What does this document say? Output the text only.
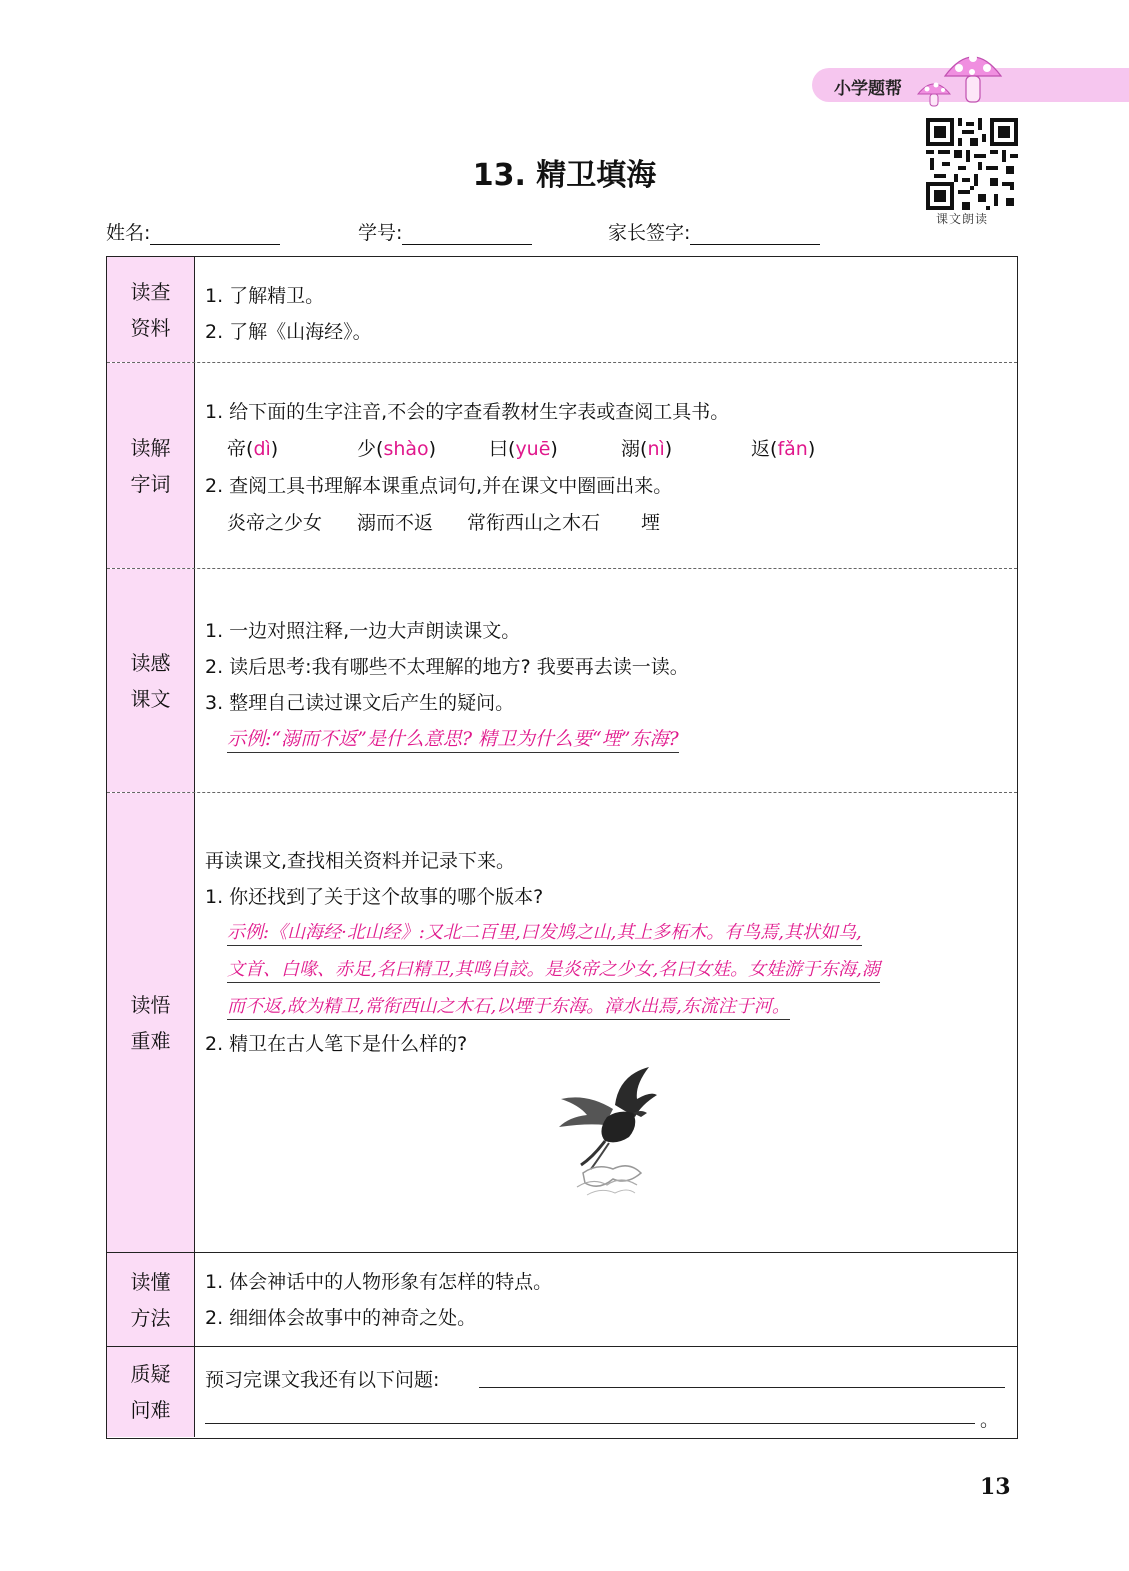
小学题帮
课文朗读
13. 精卫填海
姓名:	学号:	家长签字:
读查
资料
1. 了解精卫。
2. 了解《山海经》。
读解
字词
1. 给下面的生字注音,不会的字查看教材生字表或查阅工具书。
帝(dì)	少(shào)	曰(yuē)	溺(nì)	返(fǎn)
2. 查阅工具书理解本课重点词句,并在课文中圈画出来。
炎帝之少女 溺而不返 常衔西山之木石 堙
读感
课文
1. 一边对照注释,一边大声朗读课文。
2. 读后思考:我有哪些不太理解的地方? 我要再去读一读。
3. 整理自己读过课文后产生的疑问。
示例:“溺而不返”是什么意思? 精卫为什么要“堙”东海?
读悟
重难
再读课文,查找相关资料并记录下来。
1. 你还找到了关于这个故事的哪个版本?
示例:《山海经·北山经》:又北二百里,曰发鸠之山,其上多柘木。有鸟焉,其状如乌,
文首、白喙、赤足,名曰精卫,其鸣自詨。是炎帝之少女,名曰女娃。女娃游于东海,溺
而不返,故为精卫,常衔西山之木石,以堙于东海。漳水出焉,东流注于河。
2. 精卫在古人笔下是什么样的?
读懂
方法
1. 体会神话中的人物形象有怎样的特点。
2. 细细体会故事中的神奇之处。
质疑
问难
预习完课文我还有以下问题:
。
13
